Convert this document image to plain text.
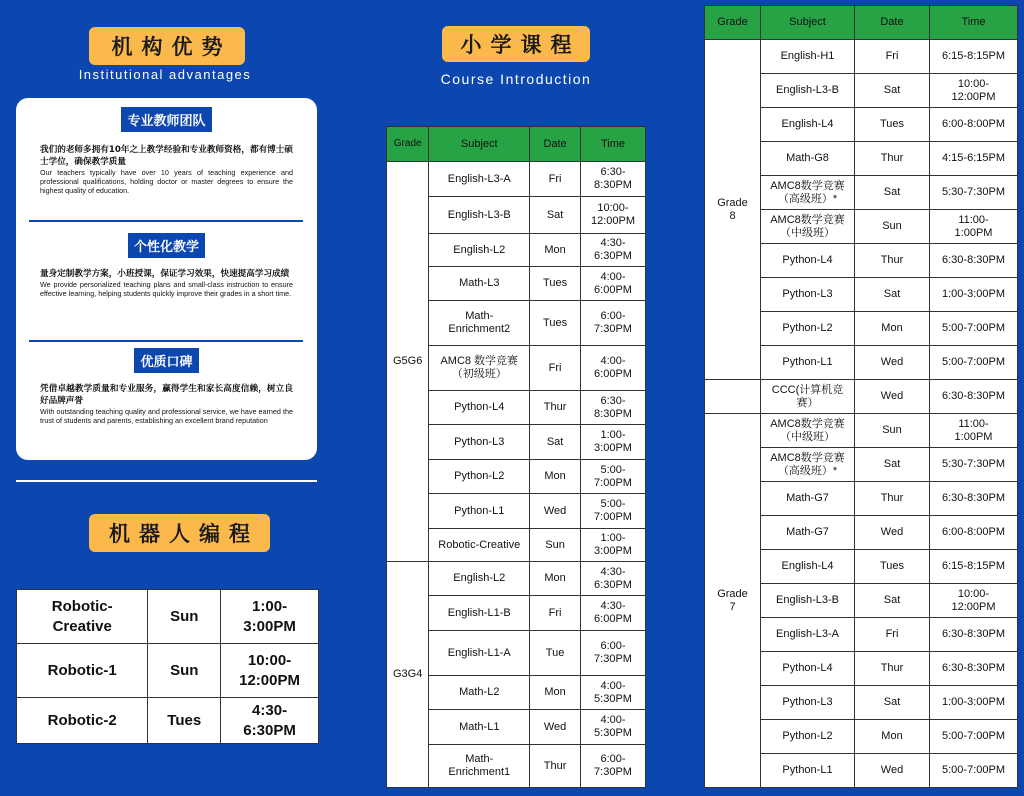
机构优势
Institutional advantages
专业教师团队
我们的老师多拥有10年之上教学经验和专业教师资格，都有博士硕士学位，确保教学质量
Our teachers typically have over 10 years of teaching experience and professional qualifications, holding doctor or master degrees to ensure the highest quality of education.
个性化教学
量身定制教学方案，小班授课，保证学习效果，快速提高学习成绩
We provide personalized teaching plans and small-class instruction to ensure effective learning, helping students quickly improve their grades in a short time.
优质口碑
凭借卓越教学质量和专业服务，赢得学生和家长高度信赖，树立良好品牌声誉
With outstanding teaching quality and professional service, we have earned the trust of students and parents, establishing an excellent brand reputation
机器人编程
Robotic-Creative	Sun	1:00-3:00PM
Robotic-1	Sun	10:00-12:00PM
Robotic-2	Tues	4:30-6:30PM
小学课程
Course Introduction
Grade	Subject	Date	Time
G5G6	English-L3-A	Fri	6:30-8:30PM
	English-L3-B	Sat	10:00-12:00PM
	English-L2	Mon	4:30-6:30PM
	Math-L3	Tues	4:00-6:00PM
	Math-Enrichment2	Tues	6:00-7:30PM
	AMC8 数学竞赛（初级班）	Fri	4:00-6:00PM
	Python-L4	Thur	6:30-8:30PM
	Python-L3	Sat	1:00-3:00PM
	Python-L2	Mon	5:00-7:00PM
	Python-L1	Wed	5:00-7:00PM
	Robotic-Creative	Sun	1:00-3:00PM
G3G4	English-L2	Mon	4:30-6:30PM
	English-L1-B	Fri	4:30-6:00PM
	English-L1-A	Tue	6:00-7:30PM
	Math-L2	Mon	4:00-5:30PM
	Math-L1	Wed	4:00-5:30PM
	Math-Enrichment1	Thur	6:00-7:30PM
Grade	Subject	Date	Time
Grade 8	English-H1	Fri	6:15-8:15PM
	English-L3-B	Sat	10:00-12:00PM
	English-L4	Tues	6:00-8:00PM
	Math-G8	Thur	4:15-6:15PM
	AMC8数学竞赛（高级班）*	Sat	5:30-7:30PM
	AMC8数学竞赛（中级班）	Sun	11:00-1:00PM
	Python-L4	Thur	6:30-8:30PM
	Python-L3	Sat	1:00-3:00PM
	Python-L2	Mon	5:00-7:00PM
	Python-L1	Wed	5:00-7:00PM
	CCC(计算机竞赛）	Wed	6:30-8:30PM
Grade 7	AMC8数学竞赛（中级班）	Sun	11:00-1:00PM
	AMC8数学竞赛（高级班）*	Sat	5:30-7:30PM
	Math-G7	Thur	6:30-8:30PM
	Math-G7	Wed	6:00-8:00PM
	English-L4	Tues	6:15-8:15PM
	English-L3-B	Sat	10:00-12:00PM
	English-L3-A	Fri	6:30-8:30PM
	Python-L4	Thur	6:30-8:30PM
	Python-L3	Sat	1:00-3:00PM
	Python-L2	Mon	5:00-7:00PM
	Python-L1	Wed	5:00-7:00PM
